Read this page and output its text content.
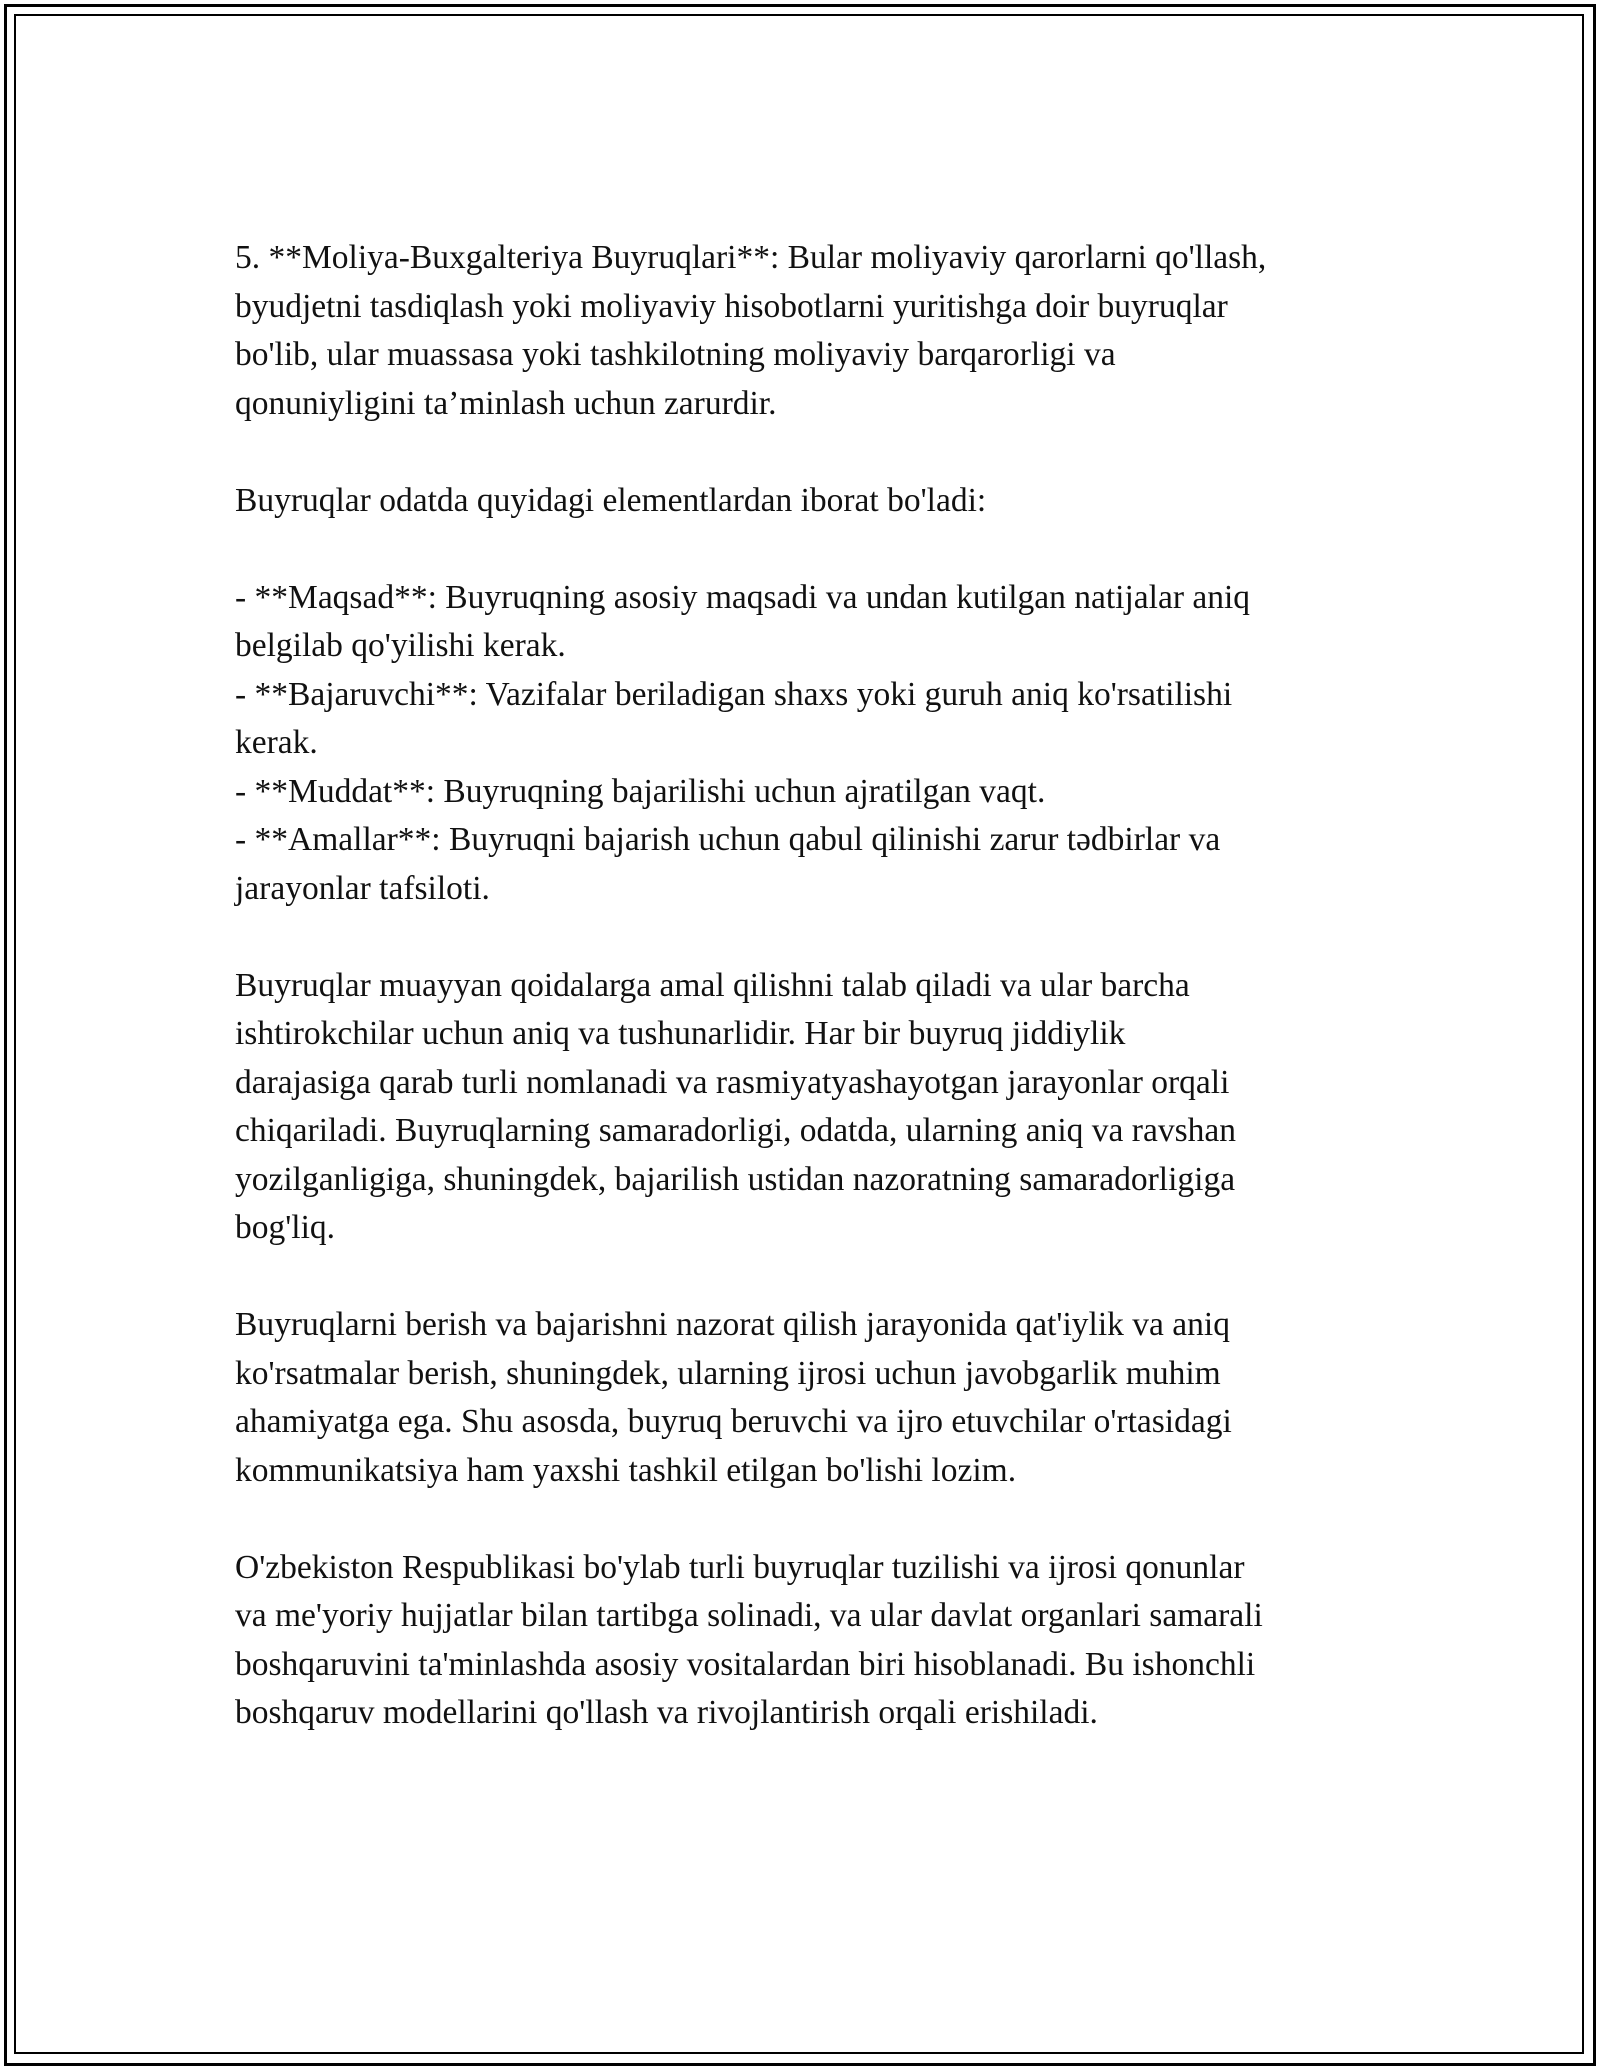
5. **Moliya-Buxgalteriya Buyruqlari**: Bular moliyaviy qarorlarni qo'llash,
byudjetni tasdiqlash yoki moliyaviy hisobotlarni yuritishga doir buyruqlar
bo'lib, ular muassasa yoki tashkilotning moliyaviy barqarorligi va
qonuniyligini ta’minlash uchun zarurdir.
Buyruqlar odatda quyidagi elementlardan iborat bo'ladi:
- **Maqsad**: Buyruqning asosiy maqsadi va undan kutilgan natijalar aniq
belgilab qo'yilishi kerak.
- **Bajaruvchi**: Vazifalar beriladigan shaxs yoki guruh aniq ko'rsatilishi
kerak.
- **Muddat**: Buyruqning bajarilishi uchun ajratilgan vaqt.
- **Amallar**: Buyruqni bajarish uchun qabul qilinishi zarur tədbirlar va
jarayonlar tafsiloti.
Buyruqlar muayyan qoidalarga amal qilishni talab qiladi va ular barcha
ishtirokchilar uchun aniq va tushunarlidir. Har bir buyruq jiddiylik
darajasiga qarab turli nomlanadi va rasmiyatyashayotgan jarayonlar orqali
chiqariladi. Buyruqlarning samaradorligi, odatda, ularning aniq va ravshan
yozilganligiga, shuningdek, bajarilish ustidan nazoratning samaradorligiga
bog'liq.
Buyruqlarni berish va bajarishni nazorat qilish jarayonida qat'iylik va aniq
ko'rsatmalar berish, shuningdek, ularning ijrosi uchun javobgarlik muhim
ahamiyatga ega. Shu asosda, buyruq beruvchi va ijro etuvchilar o'rtasidagi
kommunikatsiya ham yaxshi tashkil etilgan bo'lishi lozim.
O'zbekiston Respublikasi bo'ylab turli buyruqlar tuzilishi va ijrosi qonunlar
va me'yoriy hujjatlar bilan tartibga solinadi, va ular davlat organlari samarali
boshqaruvini ta'minlashda asosiy vositalardan biri hisoblanadi. Bu ishonchli
boshqaruv modellarini qo'llash va rivojlantirish orqali erishiladi.
